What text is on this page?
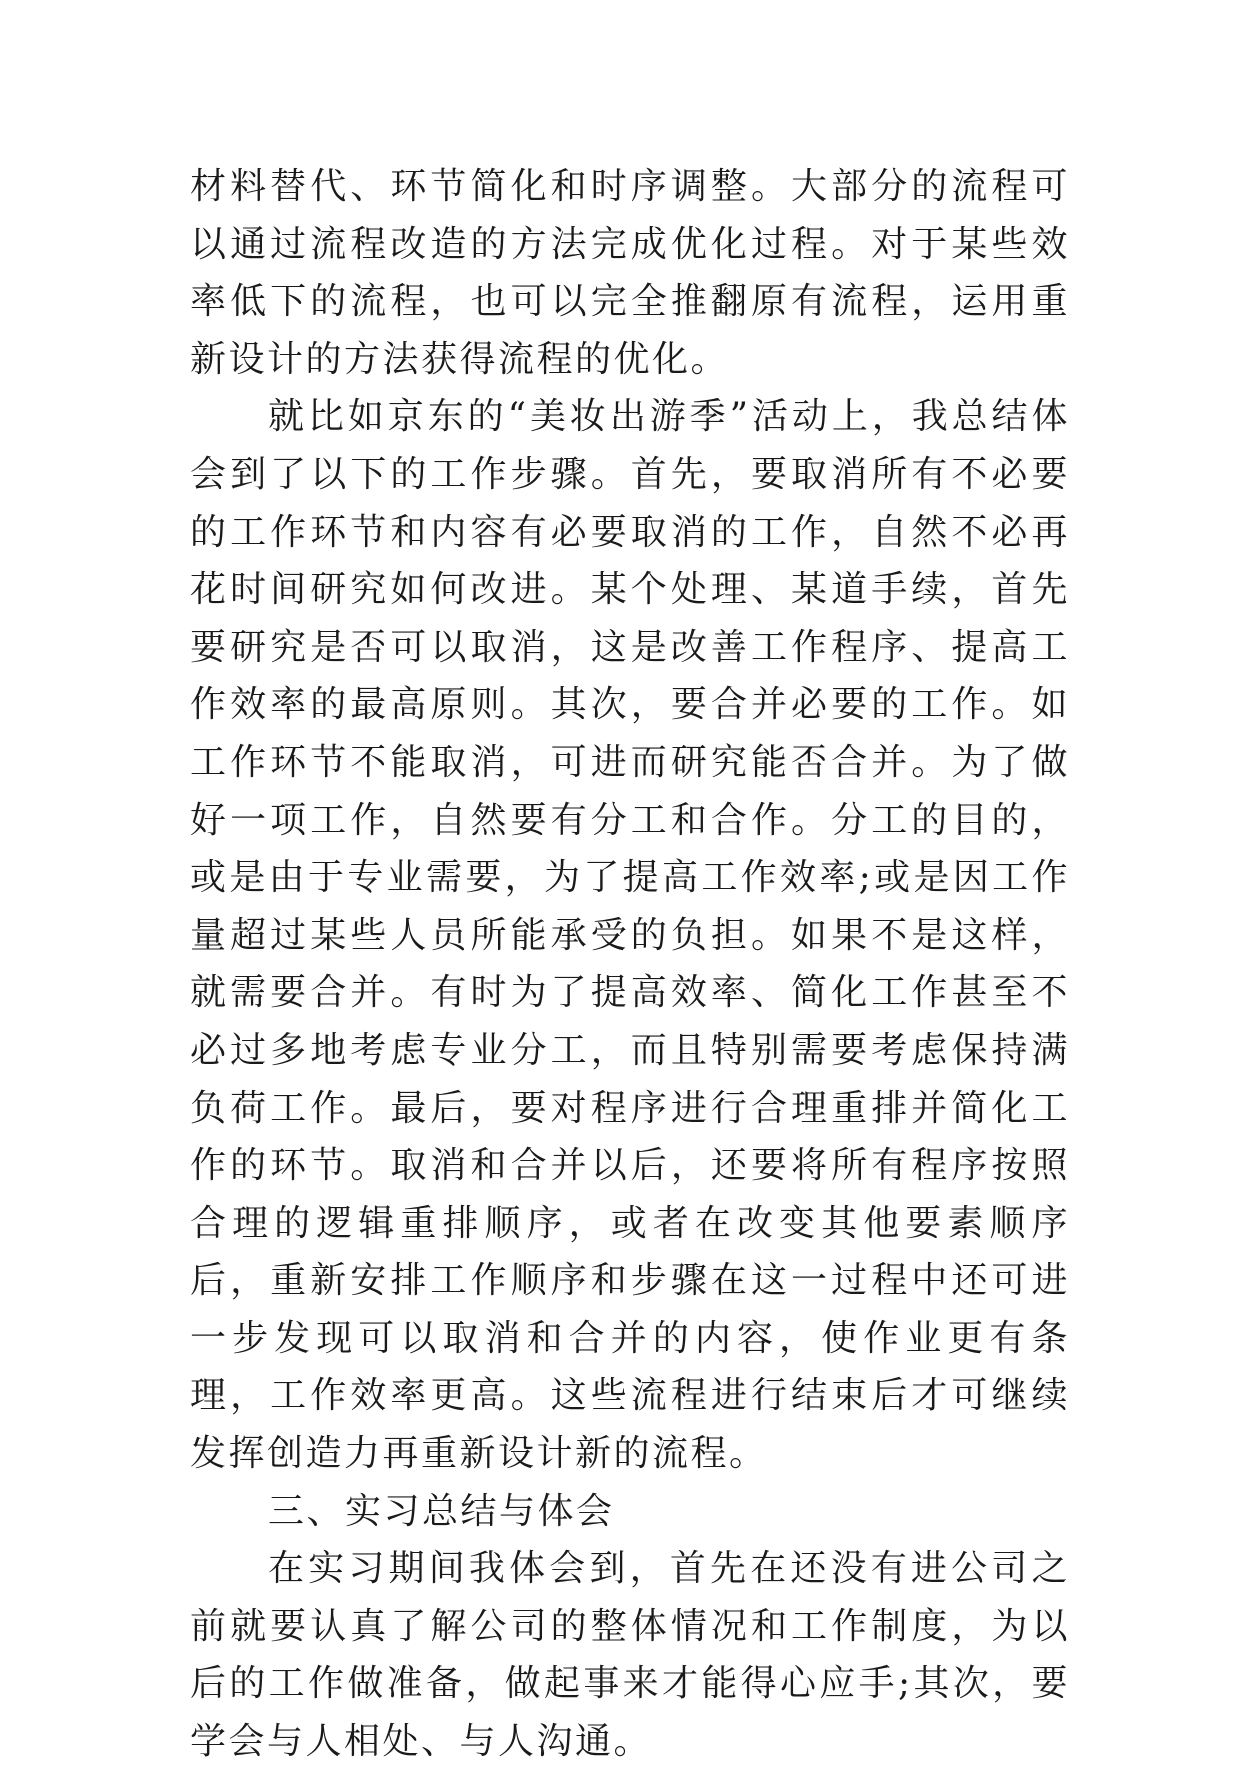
材料替代、环节简化和时序调整。大部分的流程可以通过流程改造的方法完成优化过程。对于某些效率低下的流程，也可以完全推翻原有流程，运用重新设计的方法获得流程的优化。

就比如京东的“美妆出游季”活动上，我总结体会到了以下的工作步骤。首先，要取消所有不必要的工作环节和内容有必要取消的工作，自然不必再花时间研究如何改进。某个处理、某道手续，首先要研究是否可以取消，这是改善工作程序、提高工作效率的最高原则。其次，要合并必要的工作。如工作环节不能取消，可进而研究能否合并。为了做好一项工作，自然要有分工和合作。分工的目的，或是由于专业需要，为了提高工作效率;或是因工作量超过某些人员所能承受的负担。如果不是这样，就需要合并。有时为了提高效率、简化工作甚至不必过多地考虑专业分工，而且特别需要考虑保持满负荷工作。最后，要对程序进行合理重排并简化工作的环节。取消和合并以后，还要将所有程序按照合理的逻辑重排顺序，或者在改变其他要素顺序后，重新安排工作顺序和步骤在这一过程中还可进一步发现可以取消和合并的内容，使作业更有条理，工作效率更高。这些流程进行结束后才可继续发挥创造力再重新设计新的流程。

三、实习总结与体会

在实习期间我体会到，首先在还没有进公司之前就要认真了解公司的整体情况和工作制度，为以后的工作做准备，做起事来才能得心应手;其次，要学会与人相处、与人沟通。
